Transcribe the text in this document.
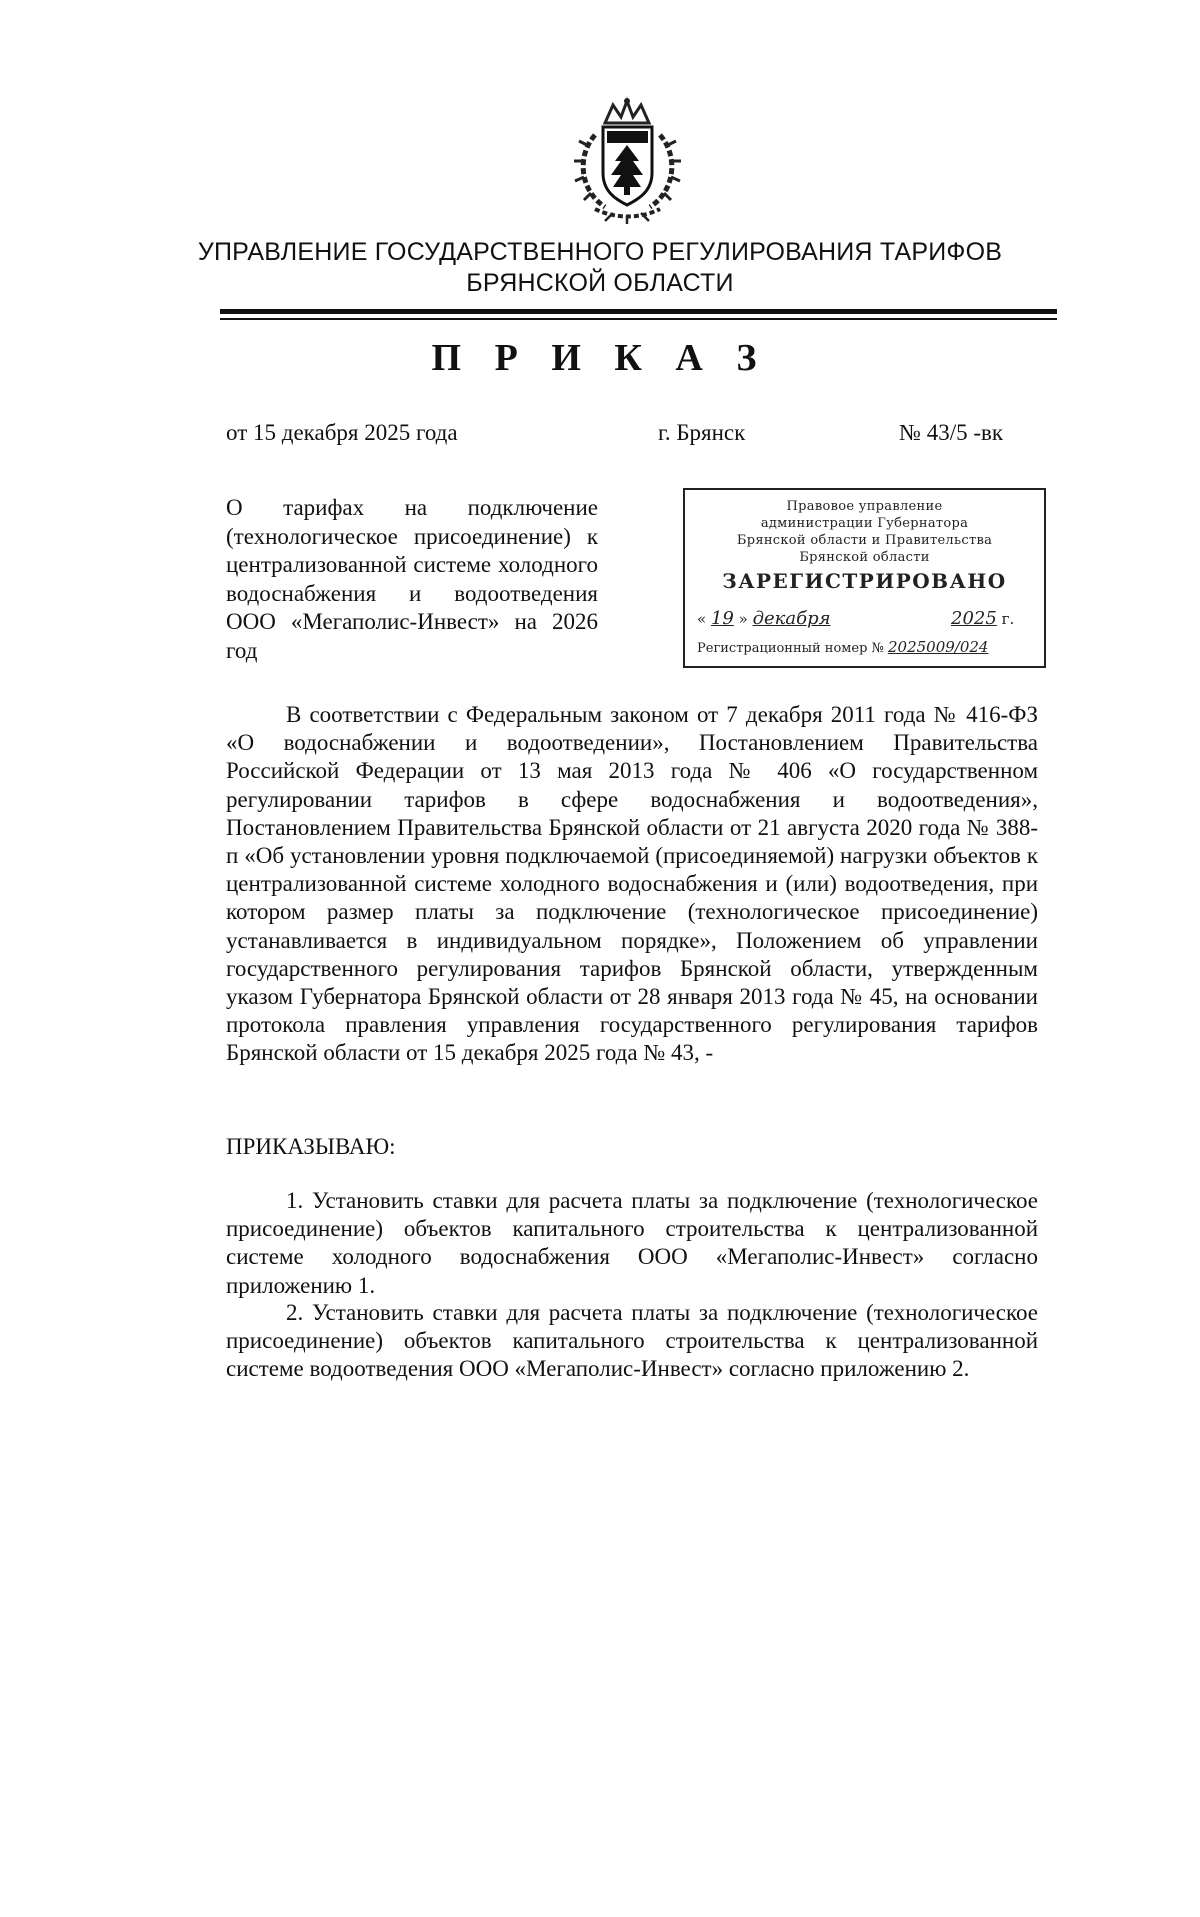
УПРАВЛЕНИЕ ГОСУДАРСТВЕННОГО РЕГУЛИРОВАНИЯ ТАРИФОВ
БРЯНСКОЙ ОБЛАСТИ
П Р И К А З
от 15 декабря 2025 года	г. Брянск	№ 43/5 -вк
О тарифах на подключение (технологическое присоединение) к централизованной системе холодного водоснабжения и водоотведения ООО «Мегаполис-Инвест» на 2026 год
Правовое управление
администрации Губернатора
Брянской области и Правительства
Брянской области
ЗАРЕГИСТРИРОВАНО
« 19 » декабря	2025 г.
Регистрационный номер № 2025009/024
В соответствии с Федеральным законом от 7 декабря 2011 года № 416-ФЗ «О водоснабжении и водоотведении», Постановлением Правительства Российской Федерации от 13 мая 2013 года № 406 «О государственном регулировании тарифов в сфере водоснабжения и водоотведения», Постановлением Правительства Брянской области от 21 августа 2020 года № 388-п «Об установлении уровня подключаемой (присоединяемой) нагрузки объектов к централизованной системе холодного водоснабжения и (или) водоотведения, при котором размер платы за подключение (технологическое присоединение) устанавливается в индивидуальном порядке», Положением об управлении государственного регулирования тарифов Брянской области, утвержденным указом Губернатора Брянской области от 28 января 2013 года № 45, на основании протокола правления управления государственного регулирования тарифов Брянской области от 15 декабря 2025 года № 43, -
ПРИКАЗЫВАЮ:
1. Установить ставки для расчета платы за подключение (технологическое присоединение) объектов капитального строительства к централизованной системе холодного водоснабжения ООО «Мегаполис-Инвест» согласно приложению 1.
2. Установить ставки для расчета платы за подключение (технологическое присоединение) объектов капитального строительства к централизованной системе водоотведения ООО «Мегаполис-Инвест» согласно приложению 2.
